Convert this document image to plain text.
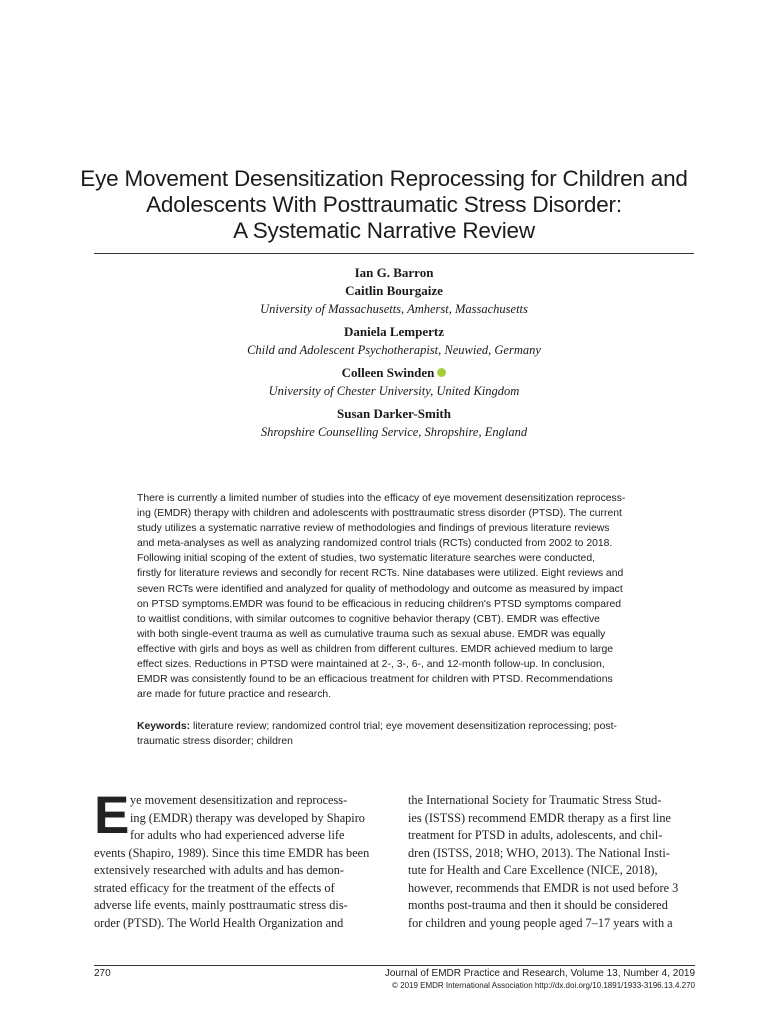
Eye Movement Desensitization Reprocessing for Children and
Adolescents With Posttraumatic Stress Disorder:
A Systematic Narrative Review
Ian G. Barron
Caitlin Bourgaize
University of Massachusetts, Amherst, Massachusetts
Daniela Lempertz
Child and Adolescent Psychotherapist, Neuwied, Germany
Colleen Swinden
University of Chester University, United Kingdom
Susan Darker-Smith
Shropshire Counselling Service, Shropshire, England
There is currently a limited number of studies into the efficacy of eye movement desensitization reprocess-
ing (EMDR) therapy with children and adolescents with posttraumatic stress disorder (PTSD). The current
study utilizes a systematic narrative review of methodologies and findings of previous literature reviews
and meta-analyses as well as analyzing randomized control trials (RCTs) conducted from 2002 to 2018.
Following initial scoping of the extent of studies, two systematic literature searches were conducted,
firstly for literature reviews and secondly for recent RCTs. Nine databases were utilized. Eight reviews and
seven RCTs were identified and analyzed for quality of methodology and outcome as measured by impact
on PTSD symptoms.EMDR was found to be efficacious in reducing children's PTSD symptoms compared
to waitlist conditions, with similar outcomes to cognitive behavior therapy (CBT). EMDR was effective
with both single-event trauma as well as cumulative trauma such as sexual abuse. EMDR was equally
effective with girls and boys as well as children from different cultures. EMDR achieved medium to large
effect sizes. Reductions in PTSD were maintained at 2-, 3-, 6-, and 12-month follow-up. In conclusion,
EMDR was consistently found to be an efficacious treatment for children with PTSD. Recommendations
are made for future practice and research.
Keywords: literature review; randomized control trial; eye movement desensitization reprocessing; post-
traumatic stress disorder; children
E ye movement desensitization and reprocess-
ing (EMDR) therapy was developed by Shapiro
for adults who had experienced adverse life
events (Shapiro, 1989). Since this time EMDR has been
extensively researched with adults and has demon-
strated efficacy for the treatment of the effects of
adverse life events, mainly posttraumatic stress dis-
order (PTSD). The World Health Organization and
the International Society for Traumatic Stress Stud-
ies (ISTSS) recommend EMDR therapy as a first line
treatment for PTSD in adults, adolescents, and chil-
dren (ISTSS, 2018; WHO, 2013). The National Insti-
tute for Health and Care Excellence (NICE, 2018),
however, recommends that EMDR is not used before 3
months post-trauma and then it should be considered
for children and young people aged 7–17 years with a
270	Journal of EMDR Practice and Research, Volume 13, Number 4, 2019
© 2019 EMDR International Association http://dx.doi.org/10.1891/1933-3196.13.4.270
